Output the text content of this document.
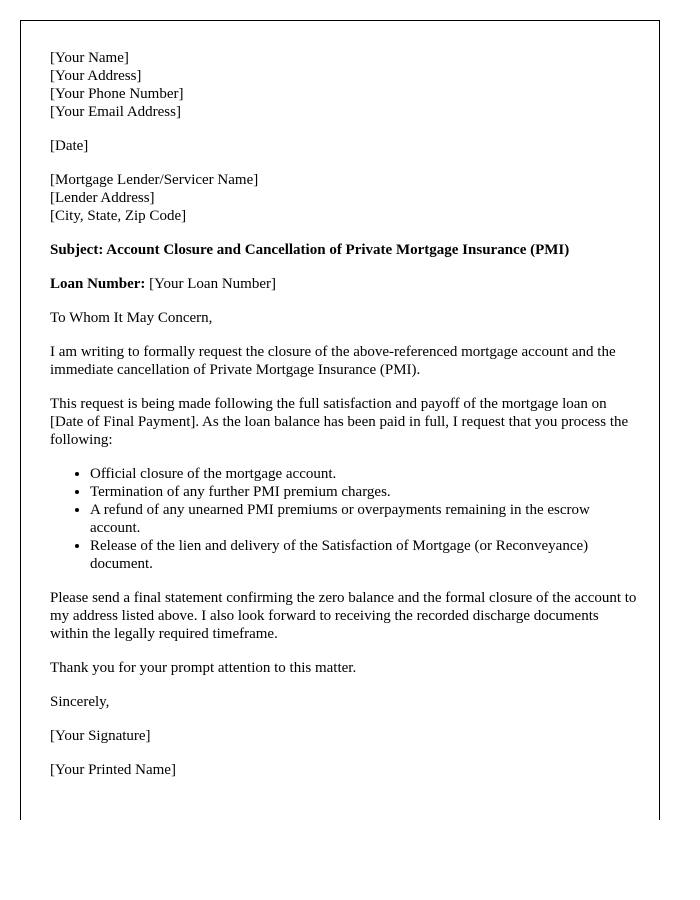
[Your Name]
[Your Address]
[Your Phone Number]
[Your Email Address]

[Date]

[Mortgage Lender/Servicer Name]
[Lender Address]
[City, State, Zip Code]

Subject: Account Closure and Cancellation of Private Mortgage Insurance (PMI)

Loan Number: [Your Loan Number]

To Whom It May Concern,

I am writing to formally request the closure of the above-referenced mortgage account and the immediate cancellation of Private Mortgage Insurance (PMI).

This request is being made following the full satisfaction and payoff of the mortgage loan on [Date of Final Payment]. As the loan balance has been paid in full, I request that you process the following:

• Official closure of the mortgage account.
• Termination of any further PMI premium charges.
• A refund of any unearned PMI premiums or overpayments remaining in the escrow account.
• Release of the lien and delivery of the Satisfaction of Mortgage (or Reconveyance) document.

Please send a final statement confirming the zero balance and the formal closure of the account to my address listed above. I also look forward to receiving the recorded discharge documents within the legally required timeframe.

Thank you for your prompt attention to this matter.

Sincerely,

[Your Signature]

[Your Printed Name]
